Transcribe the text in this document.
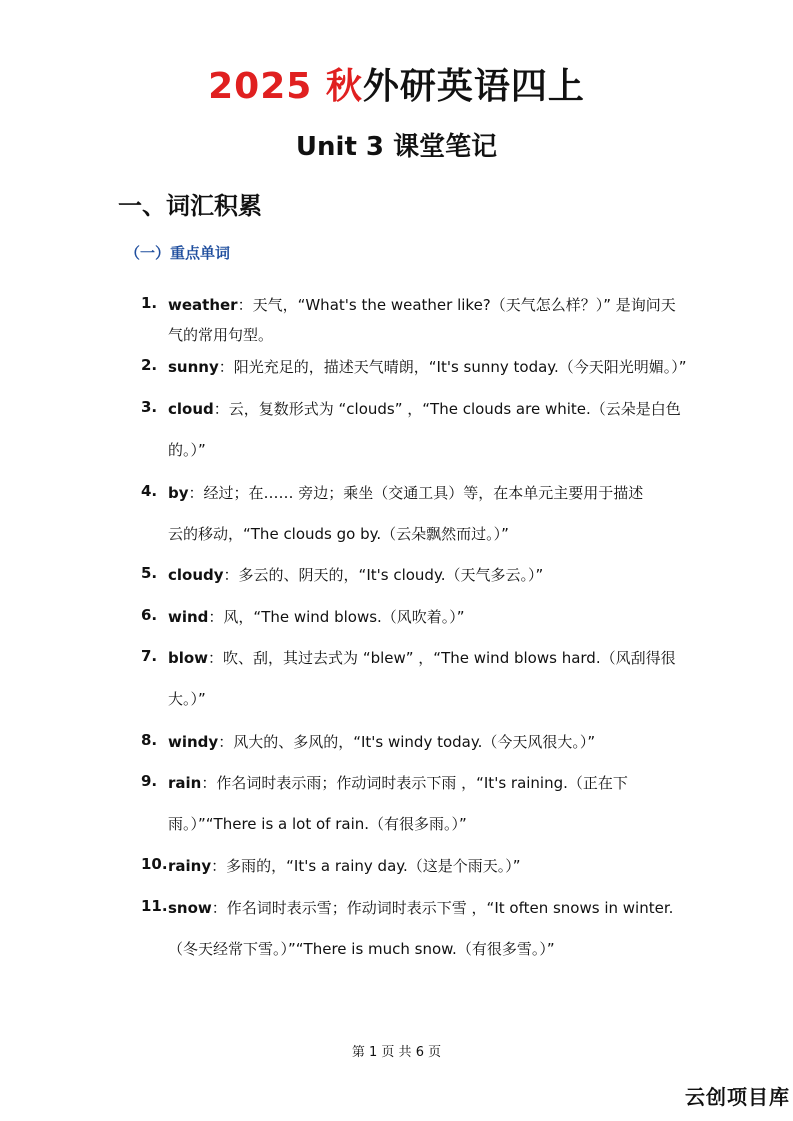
2025 秋外研英语四上
Unit 3 课堂笔记
一、词汇积累
（一）重点单词
1. weather：天气，“What's the weather like?（天气怎么样？）” 是询问天
气的常用句型。
2. sunny：阳光充足的，描述天气晴朗，“It's sunny today.（今天阳光明媚。）”
3. cloud：云，复数形式为 “clouds” ，“The clouds are white.（云朵是白色
的。）”
4. by：经过；在…… 旁边；乘坐（交通工具）等，在本单元主要用于描述
云的移动，“The clouds go by.（云朵飘然而过。）”
5. cloudy：多云的、阴天的，“It's cloudy.（天气多云。）”
6. wind：风，“The wind blows.（风吹着。）”
7. blow：吹、刮，其过去式为 “blew” ，“The wind blows hard.（风刮得很
大。）”
8. windy：风大的、多风的，“It's windy today.（今天风很大。）”
9. rain：作名词时表示雨；作动词时表示下雨 ，“It's raining.（正在下
雨。）”“There is a lot of rain.（有很多雨。）”
10. rainy：多雨的，“It's a rainy day.（这是个雨天。）”
11. snow：作名词时表示雪；作动词时表示下雪 ，“It often snows in winter.
（冬天经常下雪。）”“There is much snow.（有很多雪。）”
第 1 页 共 6 页
云创项目库
